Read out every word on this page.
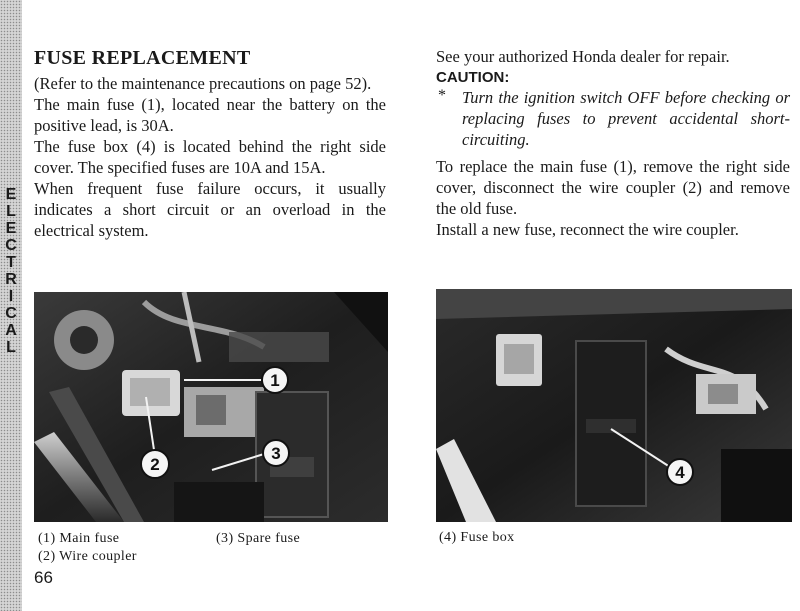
E
L
E
C
T
R
I
C
A
L
FUSE REPLACEMENT

(Refer to the maintenance precautions on page 52).

The main fuse (1), located near the battery on the positive lead, is 30A.

The fuse box (4) is located behind the right side cover. The specified fuses are 10A and 15A.

When frequent fuse failure occurs, it usually indicates a short circuit or an overload in the electrical system.

See your authorized Honda dealer for repair.

CAUTION:
* Turn the ignition switch OFF before checking or replacing fuses to prevent accidental short-circuiting.

To replace the main fuse (1), remove the right side cover, disconnect the wire coupler (2) and remove the old fuse.

Install a new fuse, reconnect the wire coupler.

1
2
3
4
(1) Main fuse
(2) Wire coupler
(3) Spare fuse	(4) Fuse box
66
